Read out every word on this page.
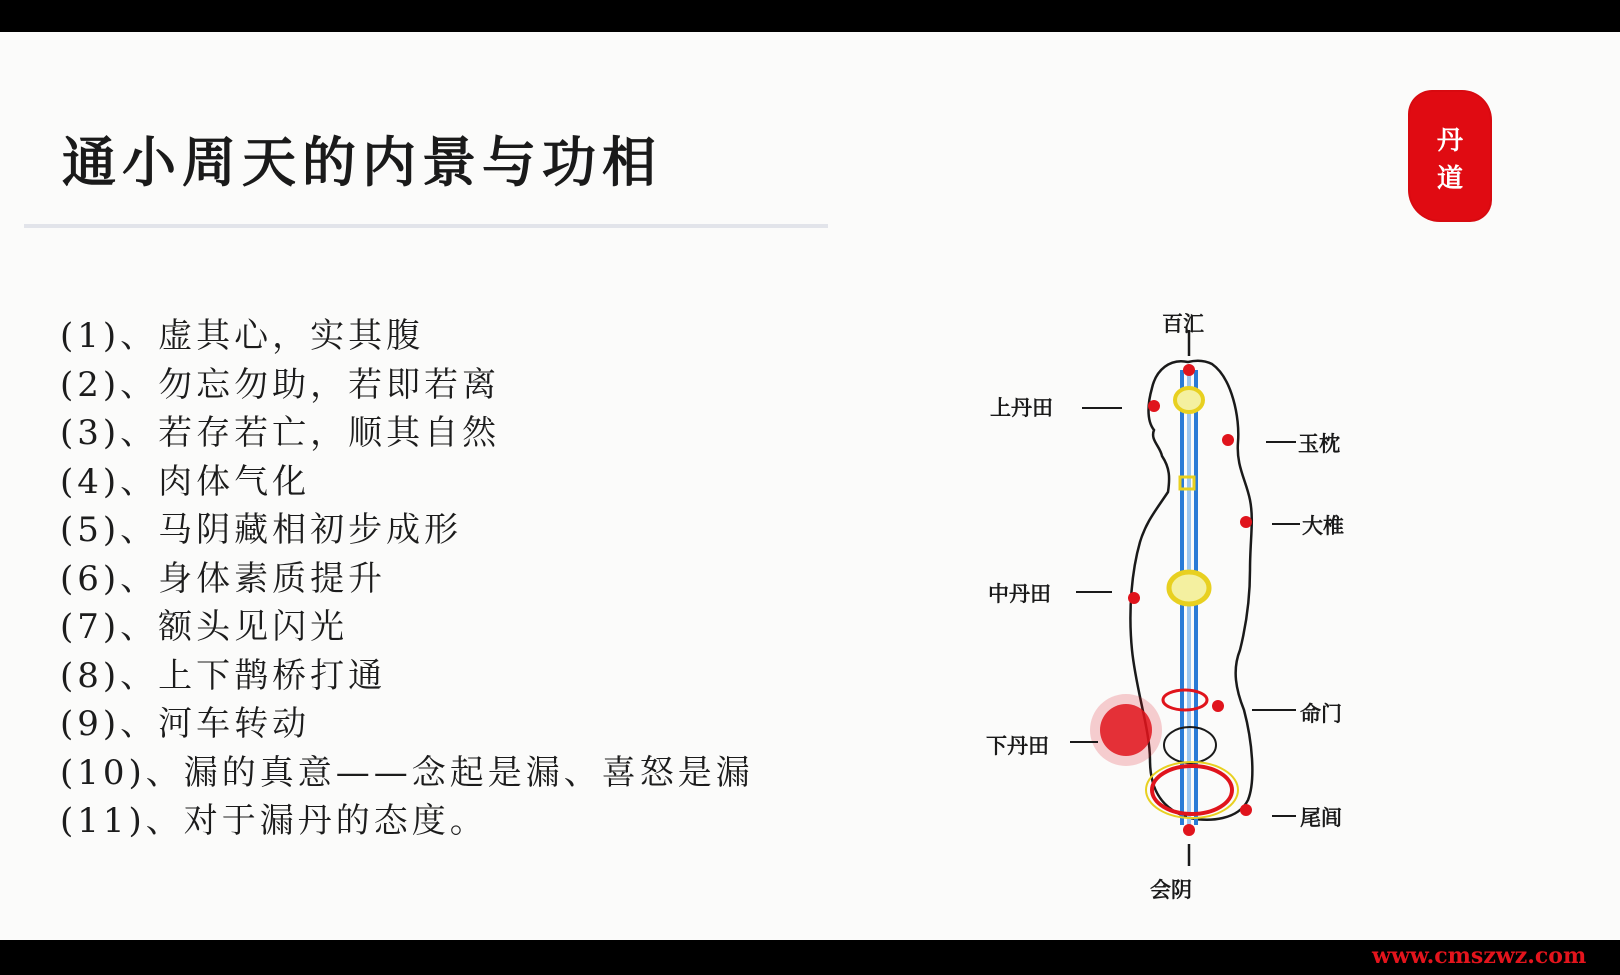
通小周天的内景与功相
(1)、虚其心，实其腹
(2)、勿忘勿助，若即若离
(3)、若存若亡，顺其自然
(4)、肉体气化
(5)、马阴藏相初步成形
(6)、身体素质提升
(7)、额头见闪光
(8)、上下鹊桥打通
(9)、河车转动
(10)、漏的真意——念起是漏、喜怒是漏
(11)、对于漏丹的态度。
丹
道
百汇
上丹田
玉枕
大椎
中丹田
命门
下丹田
尾闾
会阴
www.cmszwz.com
